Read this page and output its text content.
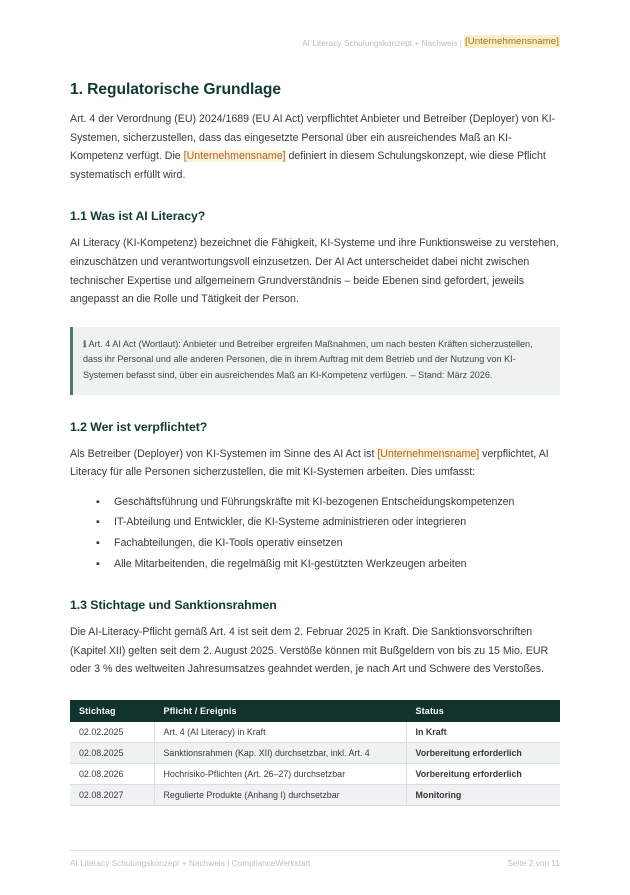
AI Literacy Schulungskonzept + Nachweis | [Unternehmensname]
1. Regulatorische Grundlage

Art. 4 der Verordnung (EU) 2024/1689 (EU AI Act) verpflichtet Anbieter und Betreiber (Deployer) von KI-Systemen, sicherzustellen, dass das eingesetzte Personal über ein ausreichendes Maß an KI-Kompetenz verfügt. Die [Unternehmensname] definiert in diesem Schulungskonzept, wie diese Pflicht systematisch erfüllt wird.

1.1 Was ist AI Literacy?

AI Literacy (KI-Kompetenz) bezeichnet die Fähigkeit, KI-Systeme und ihre Funktionsweise zu verstehen, einzuschätzen und verantwortungsvoll einzusetzen. Der AI Act unterscheidet dabei nicht zwischen technischer Expertise und allgemeinem Grundverständnis – beide Ebenen sind gefordert, jeweils angepasst an die Rolle und Tätigkeit der Person.

ℹ Art. 4 AI Act (Wortlaut): Anbieter und Betreiber ergreifen Maßnahmen, um nach besten Kräften sicherzustellen, dass ihr Personal und alle anderen Personen, die in ihrem Auftrag mit dem Betrieb und der Nutzung von KI-Systemen befasst sind, über ein ausreichendes Maß an KI-Kompetenz verfügen. – Stand: März 2026.
1.2 Wer ist verpflichtet?

Als Betreiber (Deployer) von KI-Systemen im Sinne des AI Act ist [Unternehmensname] verpflichtet, AI Literacy für alle Personen sicherzustellen, die mit KI-Systemen arbeiten. Dies umfasst:

▪ Geschäftsführung und Führungskräfte mit KI-bezogenen Entscheidungskompetenzen
▪ IT-Abteilung und Entwickler, die KI-Systeme administrieren oder integrieren
▪ Fachabteilungen, die KI-Tools operativ einsetzen
▪ Alle Mitarbeitenden, die regelmäßig mit KI-gestützten Werkzeugen arbeiten
1.3 Stichtage und Sanktionsrahmen

Die AI-Literacy-Pflicht gemäß Art. 4 ist seit dem 2. Februar 2025 in Kraft. Die Sanktionsvorschriften (Kapitel XII) gelten seit dem 2. August 2025. Verstöße können mit Bußgeldern von bis zu 15 Mio. EUR oder 3 % des weltweiten Jahresumsatzes geahndet werden, je nach Art und Schwere des Verstoßes.

Stichtag	Pflicht / Ereignis	Status
02.02.2025	Art. 4 (AI Literacy) in Kraft	In Kraft
02.08.2025	Sanktionsrahmen (Kap. XII) durchsetzbar, inkl. Art. 4	Vorbereitung erforderlich
02.08.2026	Hochrisiko-Pflichten (Art. 26–27) durchsetzbar	Vorbereitung erforderlich
02.08.2027	Regulierte Produkte (Anhang I) durchsetzbar	Monitoring
AI Literacy Schulungskonzept + Nachweis | ComplianceWerkstatt	Seite 2 von 11
